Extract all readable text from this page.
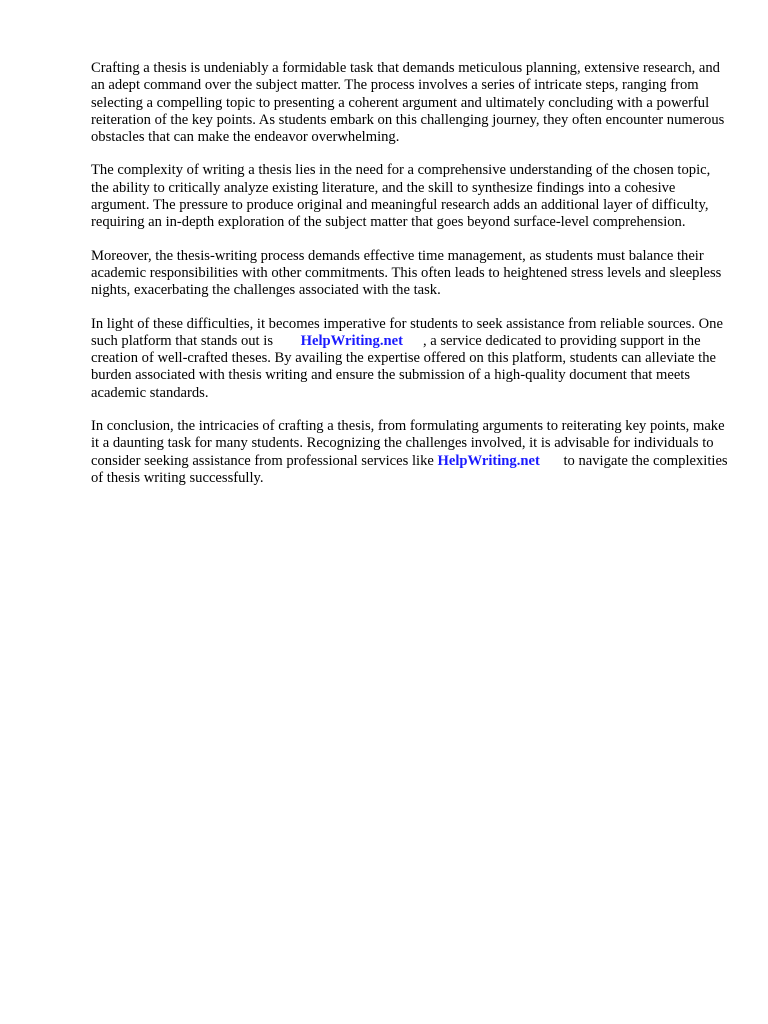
Crafting a thesis is undeniably a formidable task that demands meticulous planning, extensive research, and an adept command over the subject matter. The process involves a series of intricate steps, ranging from selecting a compelling topic to presenting a coherent argument and ultimately concluding with a powerful reiteration of the key points. As students embark on this challenging journey, they often encounter numerous obstacles that can make the endeavor overwhelming.

The complexity of writing a thesis lies in the need for a comprehensive understanding of the chosen topic, the ability to critically analyze existing literature, and the skill to synthesize findings into a cohesive argument. The pressure to produce original and meaningful research adds an additional layer of difficulty, requiring an in-depth exploration of the subject matter that goes beyond surface-level comprehension.

Moreover, the thesis-writing process demands effective time management, as students must balance their academic responsibilities with other commitments. This often leads to heightened stress levels and sleepless nights, exacerbating the challenges associated with the task.

In light of these difficulties, it becomes imperative for students to seek assistance from reliable sources. One such platform that stands out is HelpWriting.net , a service dedicated to providing support in the creation of well-crafted theses. By availing the expertise offered on this platform, students can alleviate the burden associated with thesis writing and ensure the submission of a high-quality document that meets academic standards.

In conclusion, the intricacies of crafting a thesis, from formulating arguments to reiterating key points, make it a daunting task for many students. Recognizing the challenges involved, it is advisable for individuals to consider seeking assistance from professional services like HelpWriting.net to navigate the complexities of thesis writing successfully.
